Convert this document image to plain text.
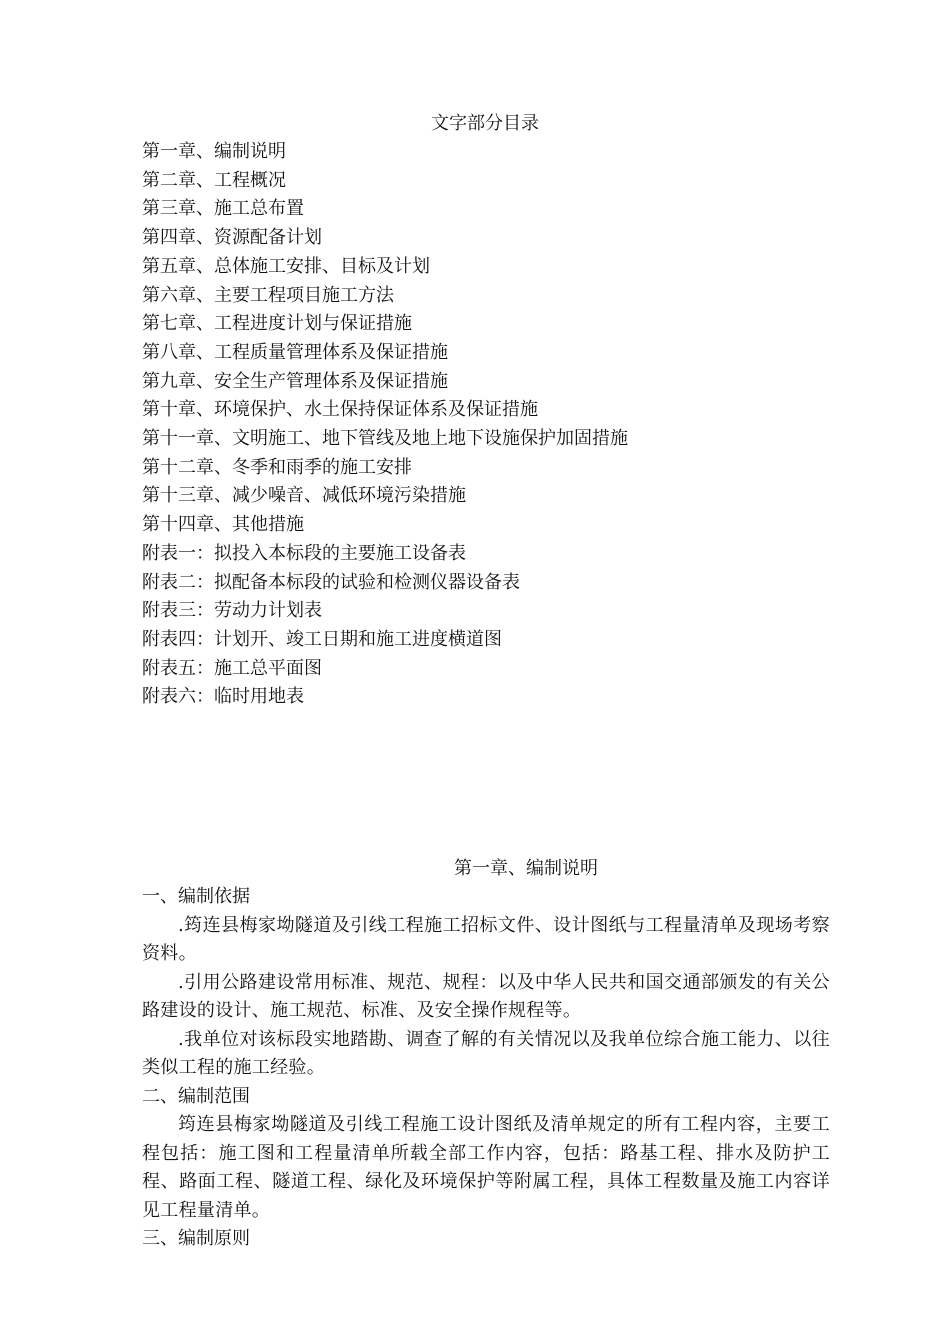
文字部分目录
第一章、编制说明
第二章、工程概况
第三章、施工总布置
第四章、资源配备计划
第五章、总体施工安排、目标及计划
第六章、主要工程项目施工方法
第七章、工程进度计划与保证措施
第八章、工程质量管理体系及保证措施
第九章、安全生产管理体系及保证措施
第十章、环境保护、水土保持保证体系及保证措施
第十一章、文明施工、地下管线及地上地下设施保护加固措施
第十二章、冬季和雨季的施工安排
第十三章、减少噪音、减低环境污染措施
第十四章、其他措施
附表一：拟投入本标段的主要施工设备表
附表二：拟配备本标段的试验和检测仪器设备表
附表三：劳动力计划表
附表四：计划开、竣工日期和施工进度横道图
附表五：施工总平面图
附表六：临时用地表
第一章、编制说明

一、编制依据

.筠连县梅家坳隧道及引线工程施工招标文件、设计图纸与工程量清单及现场考察资料。

.引用公路建设常用标准、规范、规程：以及中华人民共和国交通部颁发的有关公路建设的设计、施工规范、标准、及安全操作规程等。

.我单位对该标段实地踏勘、调查了解的有关情况以及我单位综合施工能力、以往类似工程的施工经验。

二、编制范围

筠连县梅家坳隧道及引线工程施工设计图纸及清单规定的所有工程内容，主要工程包括：施工图和工程量清单所载全部工作内容，包括：路基工程、排水及防护工程、路面工程、隧道工程、绿化及环境保护等附属工程，具体工程数量及施工内容详见工程量清单。

三、编制原则
